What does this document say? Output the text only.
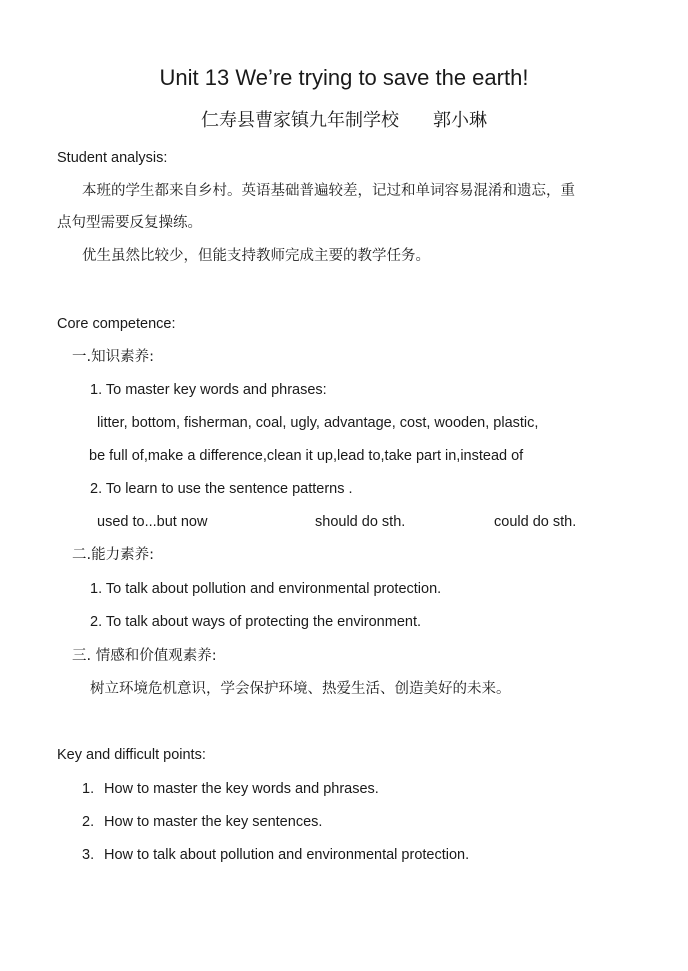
Unit 13 We’re trying to save the earth!
仁寿县曹家镇九年制学校 郭小琳
Student analysis:
本班的学生都来自乡村。英语基础普遍较差，记过和单词容易混淆和遗忘，重
点句型需要反复操练。
优生虽然比较少，但能支持教师完成主要的教学任务。
Core competence:
一.知识素养:
1. To master key words and phrases:
litter, bottom, fisherman, coal, ugly, advantage, cost, wooden, plastic,
be full of,make a difference,clean it up,lead to,take part in,instead of
2. To learn to use the sentence patterns .
used to...but now	should do sth.	could do sth.
二.能力素养:
1. To talk about pollution and environmental protection.
2. To talk about ways of protecting the environment.
三. 情感和价值观素养:
树立环境危机意识，学会保护环境、热爱生活、创造美好的未来。
Key and difficult points:
1. How to master the key words and phrases.
2. How to master the key sentences.
3. How to talk about pollution and environmental protection.
